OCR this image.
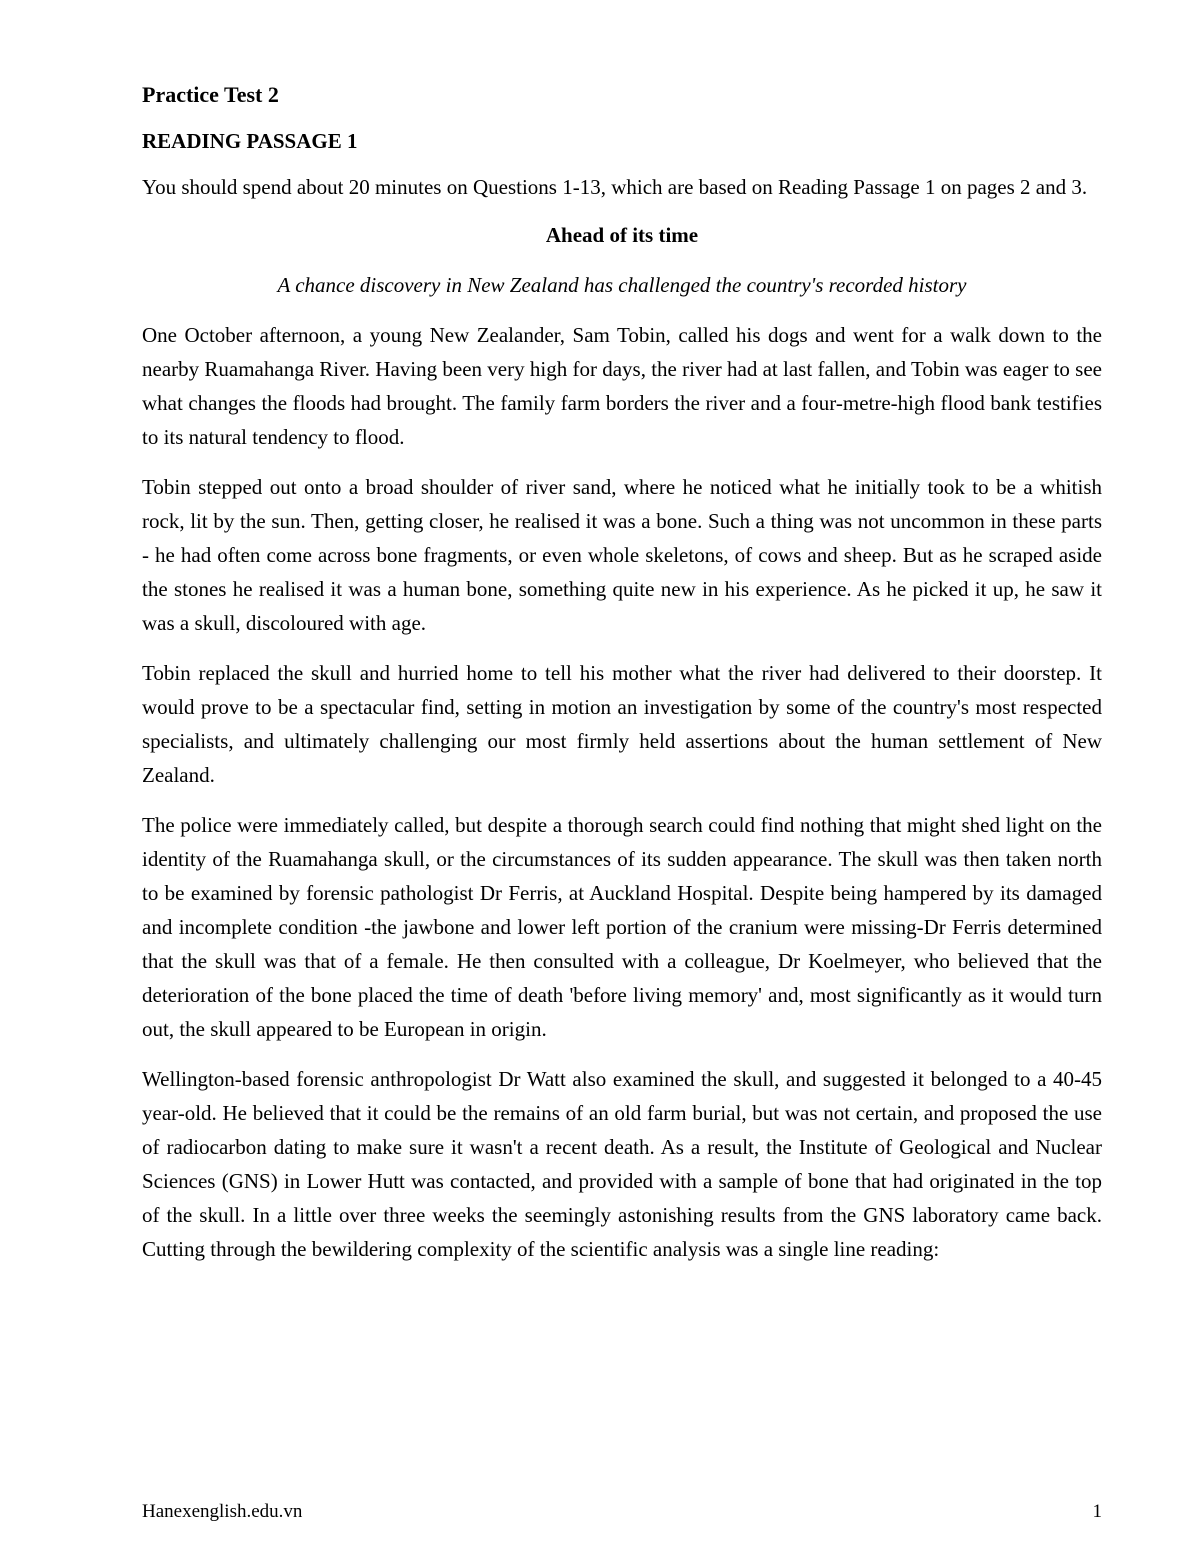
Practice Test 2
READING PASSAGE 1
You should spend about 20 minutes on Questions 1-13, which are based on Reading Passage 1 on pages 2 and 3.
Ahead of its time
A chance discovery in New Zealand has challenged the country's recorded history

One October afternoon, a young New Zealander, Sam Tobin, called his dogs and went for a walk down to the nearby Ruamahanga River. Having been very high for days, the river had at last fallen, and Tobin was eager to see what changes the floods had brought. The family farm borders the river and a four-metre-high flood bank testifies to its natural tendency to flood.

Tobin stepped out onto a broad shoulder of river sand, where he noticed what he initially took to be a whitish rock, lit by the sun. Then, getting closer, he realised it was a bone. Such a thing was not uncommon in these parts - he had often come across bone fragments, or even whole skeletons, of cows and sheep. But as he scraped aside the stones he realised it was a human bone, something quite new in his experience. As he picked it up, he saw it was a skull, discoloured with age.

Tobin replaced the skull and hurried home to tell his mother what the river had delivered to their doorstep. It would prove to be a spectacular find, setting in motion an investigation by some of the country's most respected specialists, and ultimately challenging our most firmly held assertions about the human settlement of New Zealand.

The police were immediately called, but despite a thorough search could find nothing that might shed light on the identity of the Ruamahanga skull, or the circumstances of its sudden appearance. The skull was then taken north to be examined by forensic pathologist Dr Ferris, at Auckland Hospital. Despite being hampered by its damaged and incomplete condition -the jawbone and lower left portion of the cranium were missing-Dr Ferris determined that the skull was that of a female. He then consulted with a colleague, Dr Koelmeyer, who believed that the deterioration of the bone placed the time of death 'before living memory' and, most significantly as it would turn out, the skull appeared to be European in origin.

Wellington-based forensic anthropologist Dr Watt also examined the skull, and suggested it belonged to a 40-45 year-old. He believed that it could be the remains of an old farm burial, but was not certain, and proposed the use of radiocarbon dating to make sure it wasn't a recent death. As a result, the Institute of Geological and Nuclear Sciences (GNS) in Lower Hutt was contacted, and provided with a sample of bone that had originated in the top of the skull. In a little over three weeks the seemingly astonishing results from the GNS laboratory came back. Cutting through the bewildering complexity of the scientific analysis was a single line reading:

Hanexenglish.edu.vn	1
